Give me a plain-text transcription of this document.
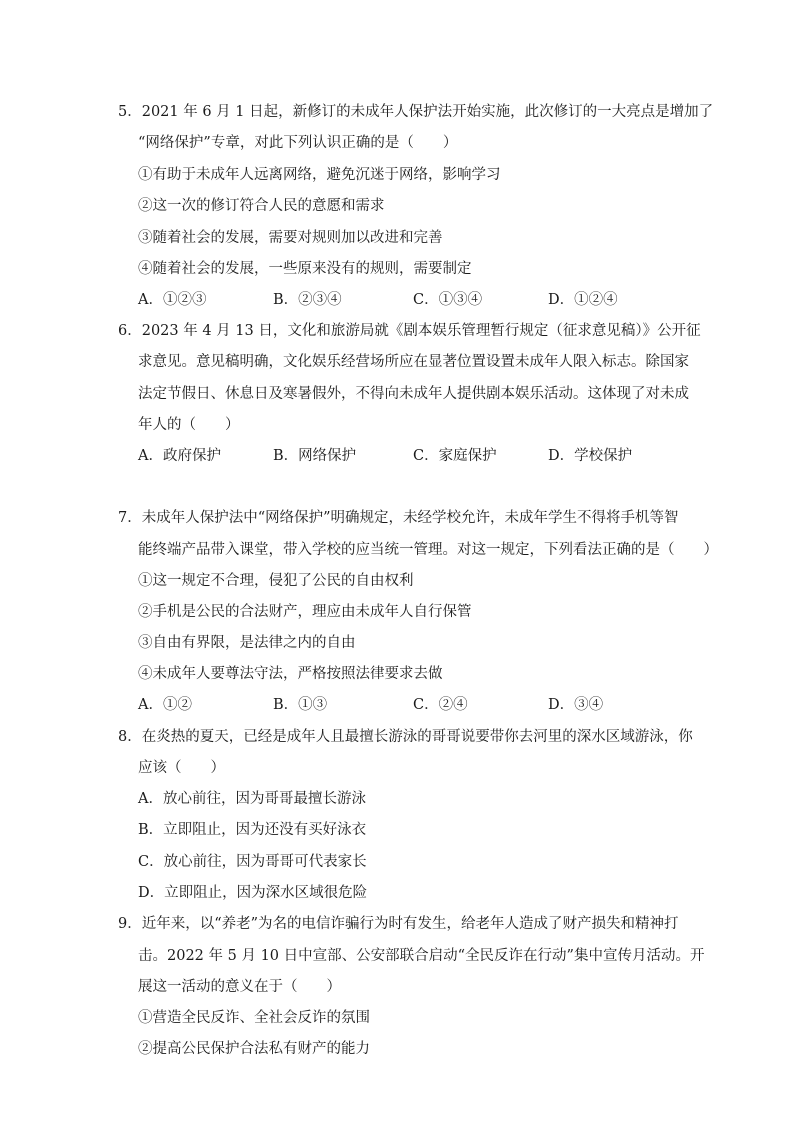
5．2021 年 6 月 1 日起，新修订的未成年人保护法开始实施，此次修订的一大亮点是增加了
“网络保护”专章，对此下列认识正确的是（　　）
①有助于未成年人远离网络，避免沉迷于网络，影响学习
②这一次的修订符合人民的意愿和需求
③随着社会的发展，需要对规则加以改进和完善
④随着社会的发展，一些原来没有的规则，需要制定
A．①②③	B．②③④	C．①③④	D．①②④
6．2023 年 4 月 13 日，文化和旅游局就《剧本娱乐管理暂行规定（征求意见稿）》公开征
求意见。意见稿明确，文化娱乐经营场所应在显著位置设置未成年人限入标志。除国家
法定节假日、休息日及寒暑假外，不得向未成年人提供剧本娱乐活动。这体现了对未成
年人的（　　）
A．政府保护	B．网络保护	C．家庭保护	D．学校保护
7．未成年人保护法中“网络保护”明确规定，未经学校允许，未成年学生不得将手机等智
能终端产品带入课堂，带入学校的应当统一管理。对这一规定，下列看法正确的是（　　）
①这一规定不合理，侵犯了公民的自由权利
②手机是公民的合法财产，理应由未成年人自行保管
③自由有界限，是法律之内的自由
④未成年人要尊法守法，严格按照法律要求去做
A．①②	B．①③	C．②④	D．③④
8．在炎热的夏天，已经是成年人且最擅长游泳的哥哥说要带你去河里的深水区域游泳，你
应该（　　）
A．放心前往，因为哥哥最擅长游泳
B．立即阻止，因为还没有买好泳衣
C．放心前往，因为哥哥可代表家长
D．立即阻止，因为深水区域很危险
9．近年来，以“养老”为名的电信诈骗行为时有发生，给老年人造成了财产损失和精神打
击。2022 年 5 月 10 日中宣部、公安部联合启动“全民反诈在行动”集中宣传月活动。开
展这一活动的意义在于（　　）
①营造全民反诈、全社会反诈的氛围
②提高公民保护合法私有财产的能力
